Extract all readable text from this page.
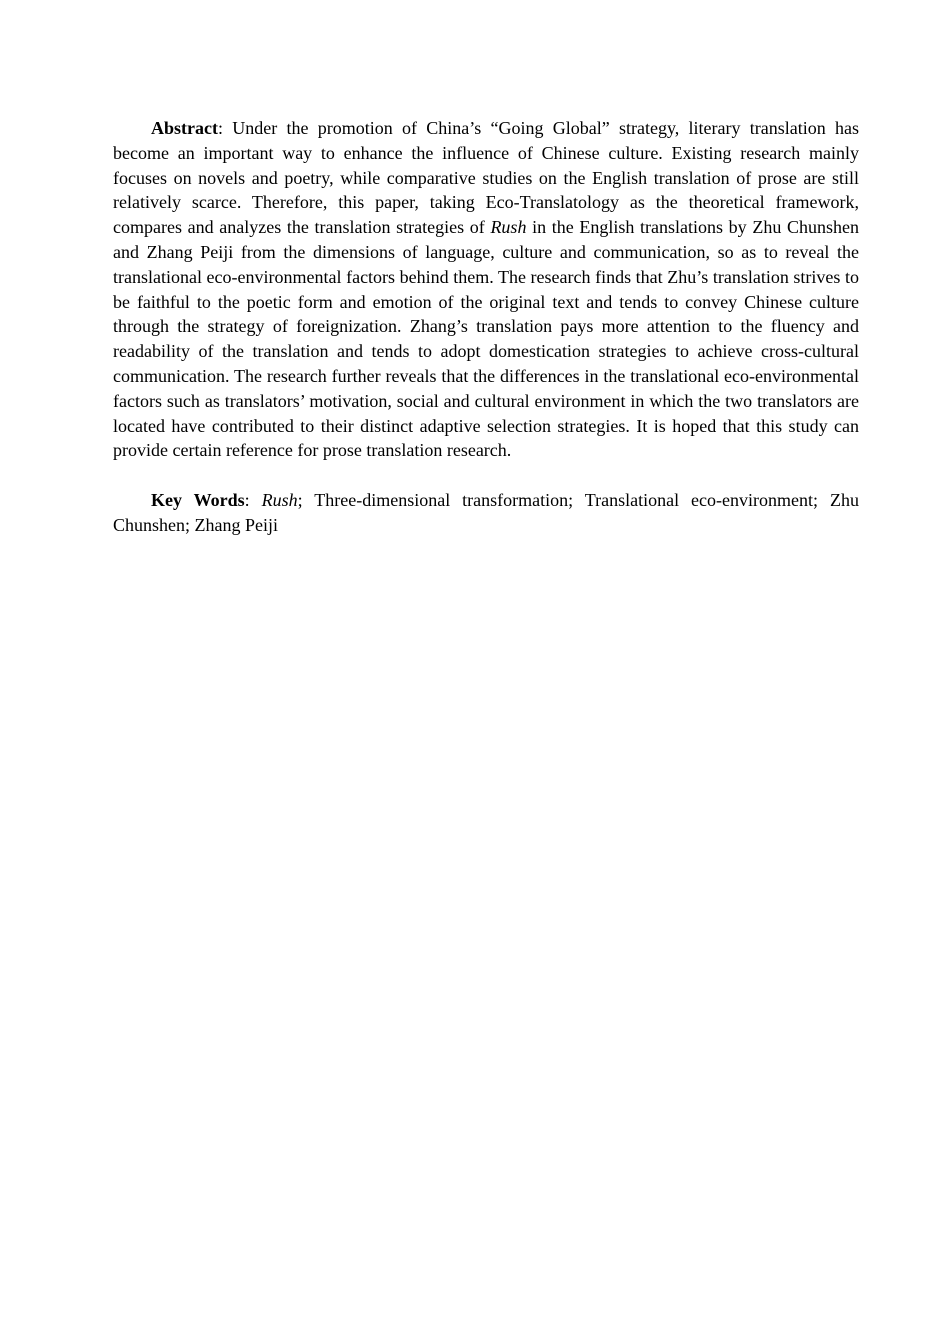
Abstract: Under the promotion of China’s “Going Global” strategy, literary translation has become an important way to enhance the influence of Chinese culture. Existing research mainly focuses on novels and poetry, while comparative studies on the English translation of prose are still relatively scarce. Therefore, this paper, taking Eco-Translatology as the theoretical framework, compares and analyzes the translation strategies of Rush in the English translations by Zhu Chunshen and Zhang Peiji from the dimensions of language, culture and communication, so as to reveal the translational eco-environmental factors behind them. The research finds that Zhu’s translation strives to be faithful to the poetic form and emotion of the original text and tends to convey Chinese culture through the strategy of foreignization. Zhang’s translation pays more attention to the fluency and readability of the translation and tends to adopt domestication strategies to achieve cross-cultural communication. The research further reveals that the differences in the translational eco-environmental factors such as translators’ motivation, social and cultural environment in which the two translators are located have contributed to their distinct adaptive selection strategies. It is hoped that this study can provide certain reference for prose translation research.

Key Words: Rush; Three-dimensional transformation; Translational eco-environment; Zhu Chunshen; Zhang Peiji
